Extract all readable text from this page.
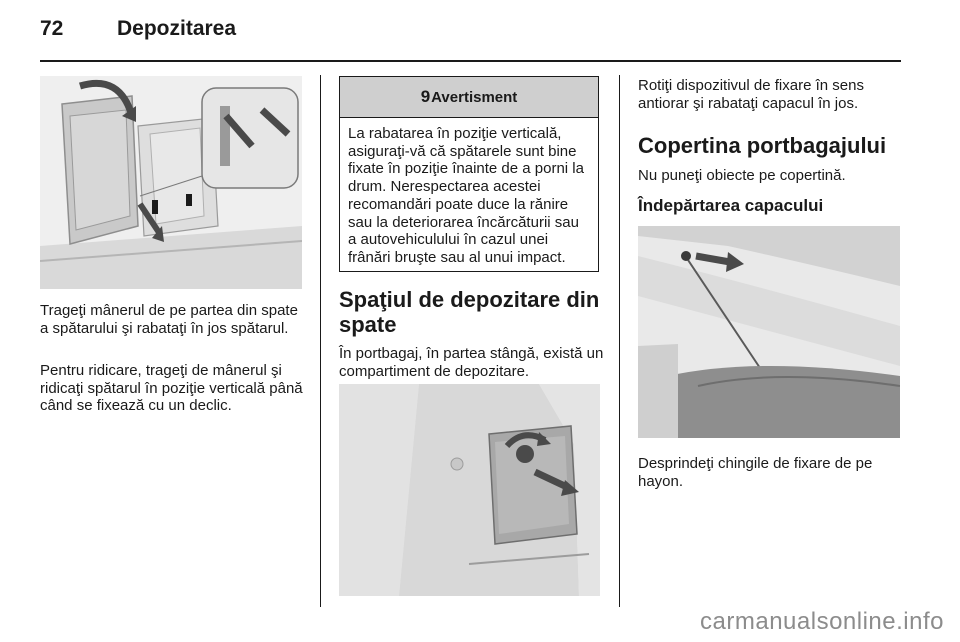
72	Depozitarea

Trageţi mânerul de pe partea din spate a spătarului şi rabataţi în jos spătarul.

Pentru ridicare, trageţi de mânerul şi ridicaţi spătarul în poziţie verticală până când se fixează cu un declic.

9 Avertisment

La rabatarea în poziţie verticală, asiguraţi-vă că spătarele sunt bine fixate în poziţie înainte de a porni la drum. Nerespectarea acestei recomandări poate duce la rănire sau la deteriorarea încărcăturii sau a autovehiculului în cazul unei frânări bruşte sau al unui impact.

Spaţiul de depozitare din spate

În portbagaj, în partea stângă, există un compartiment de depozitare.

Rotiţi dispozitivul de fixare în sens antiorar şi rabataţi capacul în jos.

Copertina portbagajului

Nu puneţi obiecte pe copertină.

Îndepărtarea capacului

Desprindeţi chingile de fixare de pe hayon.

carmanualsonline.info
